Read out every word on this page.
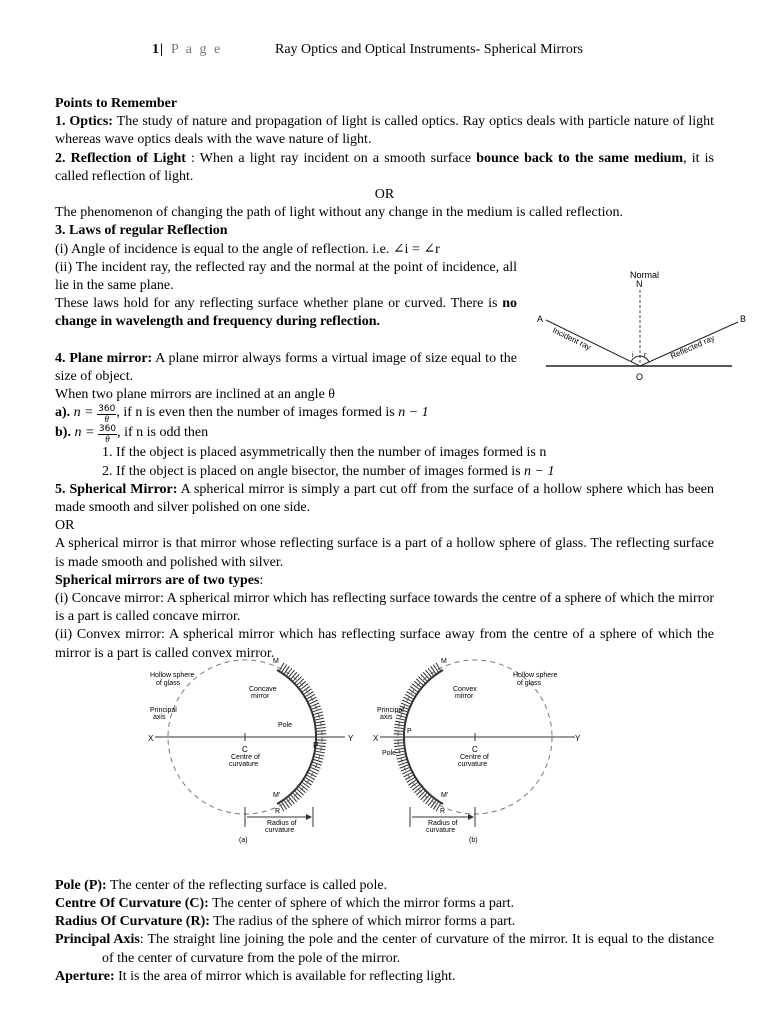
1 | P a g e	Ray Optics and Optical Instruments- Spherical Mirrors

Points to Remember

1. Optics: The study of nature and propagation of light is called optics. Ray optics deals with particle nature of light whereas wave optics deals with the wave nature of light.

2. Reflection of Light : When a light ray incident on a smooth surface bounce back to the same medium, it is called reflection of light.

OR

The phenomenon of changing the path of light without any change in the medium is called reflection.

3. Laws of regular Reflection

(i) Angle of incidence is equal to the angle of reflection. i.e. ∠i = ∠r

(ii) The incident ray, the reflected ray and the normal at the point of incidence, all lie in the same plane.

These laws hold for any reflecting surface whether plane or curved. There is no change in wavelength and frequency during reflection.

4. Plane mirror: A plane mirror always forms a virtual image of size equal to the size of object.

When two plane mirrors are inclined at an angle θ

a). $n = \frac{360}{\theta}$ , if n is even then the number of images formed is n − 1

b). $n = \frac{360}{\theta}$ , if n is odd then

1. If the object is placed asymmetrically then the number of images formed is n

2. If the object is placed on angle bisector, the number of images formed is n − 1

5. Spherical Mirror: A spherical mirror is simply a part cut off from the surface of a hollow sphere which has been made smooth and silver polished on one side.

OR

A spherical mirror is that mirror whose reflecting surface is a part of a hollow sphere of glass. The reflecting surface is made smooth and polished with silver.

Spherical mirrors are of two types:

(i) Concave mirror: A spherical mirror which has reflecting surface towards the centre of a sphere of which the mirror is a part is called concave mirror.

(ii) Convex mirror: A spherical mirror which has reflecting surface away from the centre of a sphere of which the mirror is a part is called convex mirror.

X	Y
C	P
M
M'
R
Hollow sphere
of glass
Concave
mirror
Principal
axis
Pole
Centre of
curvature
Radius of
curvature
(a)
X	Y
C
P
M
M'
R
Hollow sphere
of glass
Convex
mirror
Principal
axis
Pole
Centre of
curvature
Radius of
curvature
(b)

Pole (P): The center of the reflecting surface is called pole.

Centre Of Curvature (C): The center of sphere of which the mirror forms a part.

Radius Of Curvature (R): The radius of the sphere of which mirror forms a part.

Principal Axis: The straight line joining the pole and the center of curvature of the mirror. It is equal to the distance of the center of curvature from the pole of the mirror.

Aperture: It is the area of mirror which is available for reflecting light.

Normal
N
A	B
O
i r
Incident ray	Reflected ray
